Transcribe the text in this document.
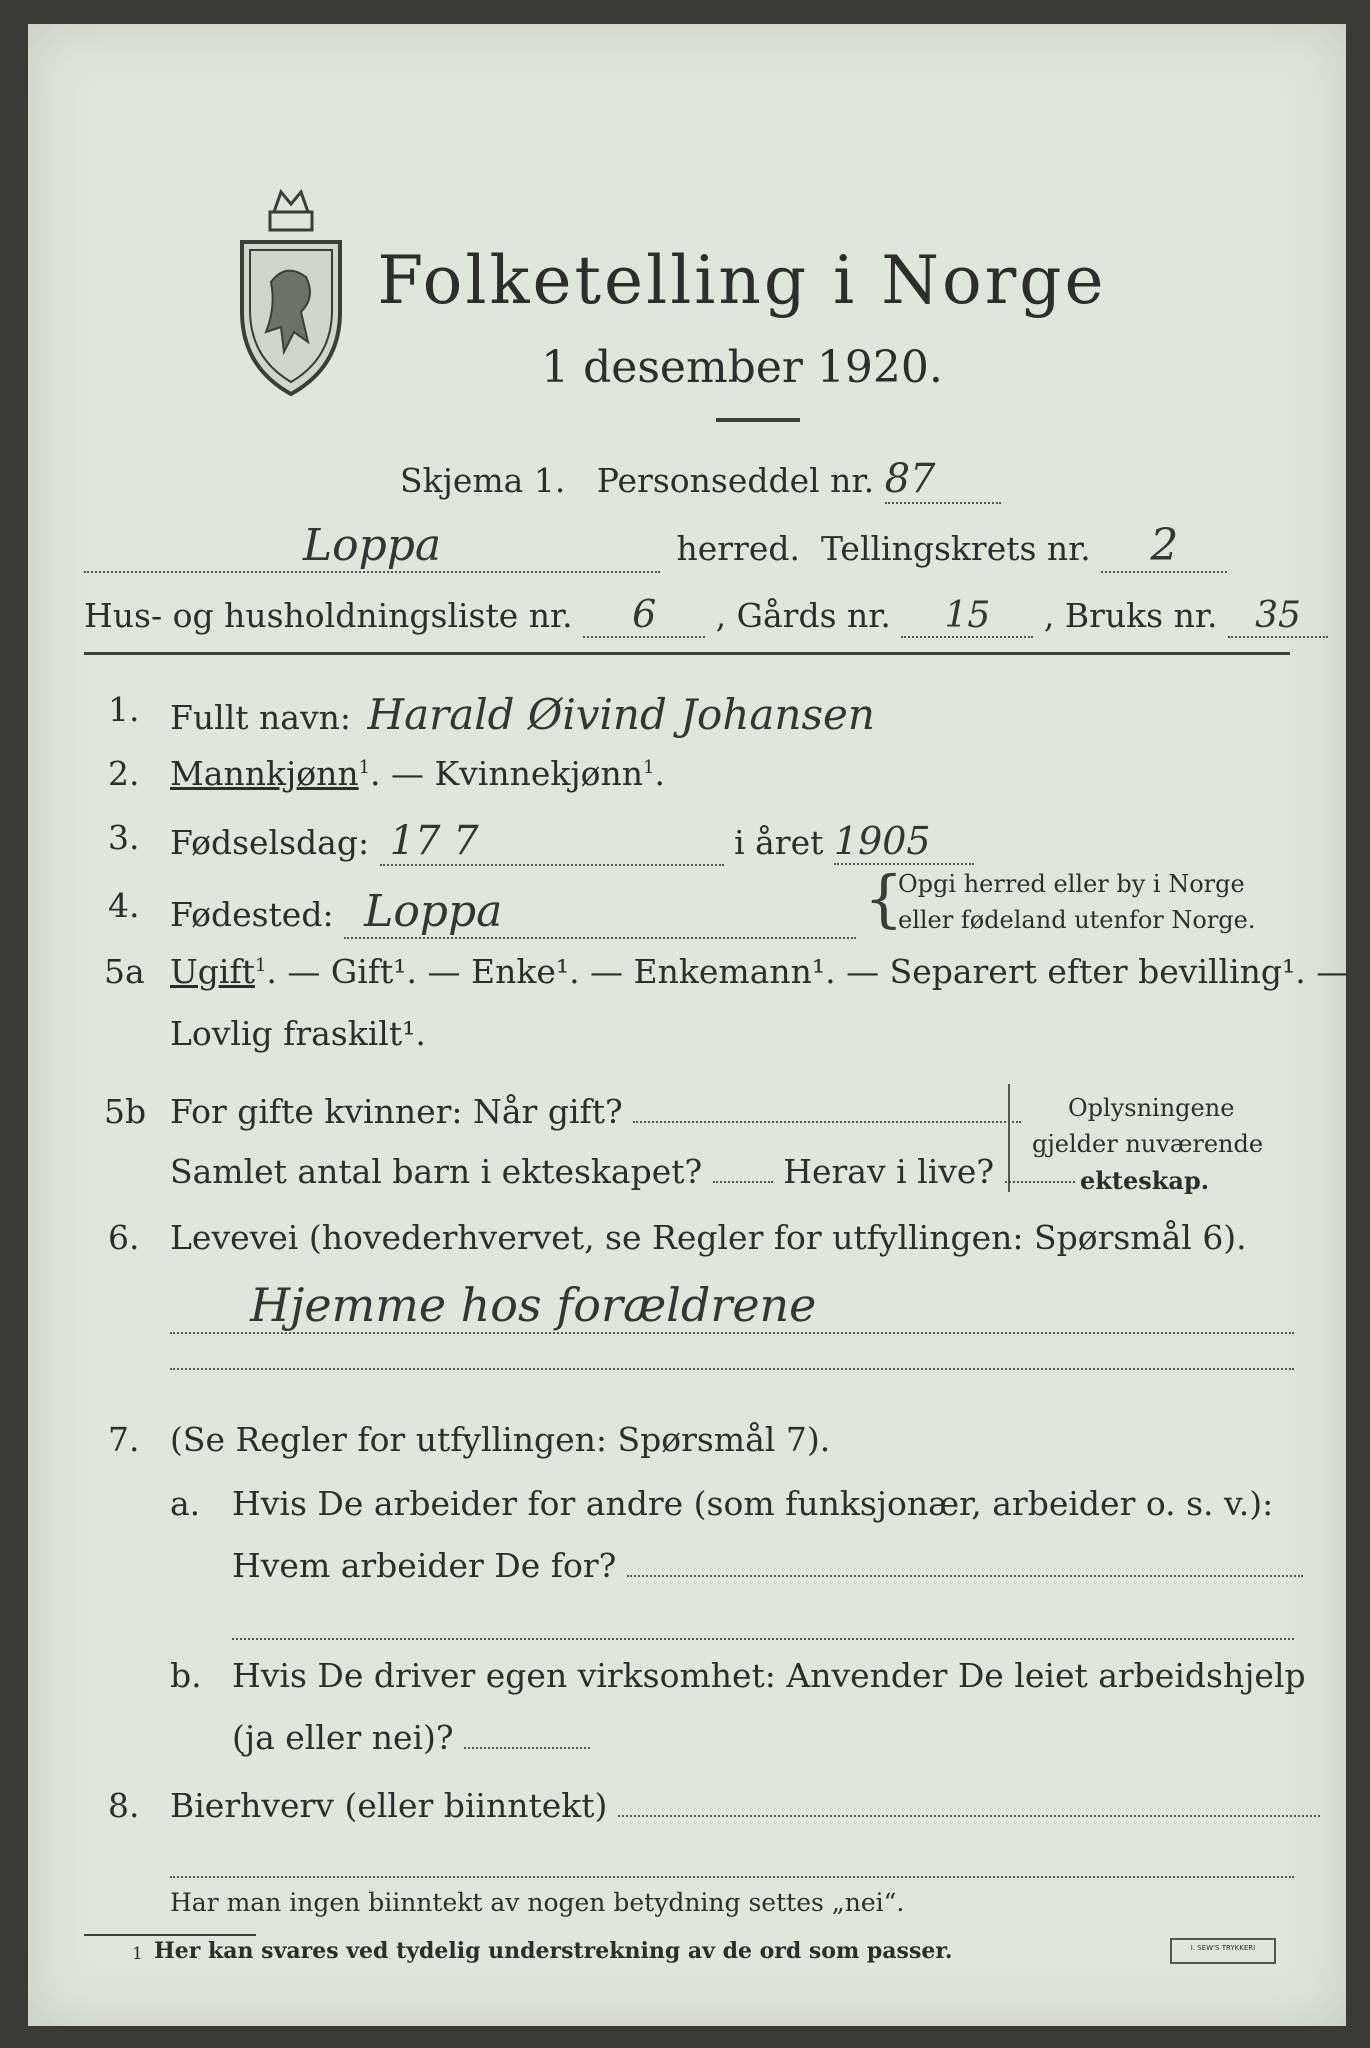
Folketelling i Norge
1 desember 1920.
Skjema 1. Personseddel nr. 87
Loppa	herred. Tellingskrets nr. 2
Hus- og husholdningsliste nr. 6 , Gårds nr. 15 , Bruks nr. 35
1. Fullt navn: Harald Øivind Johansen
2. Mannkjønn$^1$. — Kvinnekjønn$^1$.
3. Fødselsdag: 17 7	i året 1905
4. Fødested: Loppa	{
Opgi herred eller by i Norge
eller fødeland utenfor Norge.
5a Ugift$^1$. — Gift¹. — Enke¹. — Enkemann¹. — Separert efter bevilling¹. —
Lovlig fraskilt¹.
5b For gifte kvinner: Når gift?
Samlet antal barn i ekteskapet? Herav i live?
Oplysningene
gjelder nuværende
ekteskap.
6. Levevei (hovederhvervet, se Regler for utfyllingen: Spørsmål 6).
Hjemme hos forældrene
7. (Se Regler for utfyllingen: Spørsmål 7).
a. Hvis De arbeider for andre (som funksjonær, arbeider o. s. v.):
Hvem arbeider De for?
b. Hvis De driver egen virksomhet: Anvender De leiet arbeidshjelp
(ja eller nei)?
8. Bierhverv (eller biinntekt)
Har man ingen biinntekt av nogen betydning settes „nei“.
1 Her kan svares ved tydelig understrekning av de ord som passer.	I. SEW'S TRYKKERI
